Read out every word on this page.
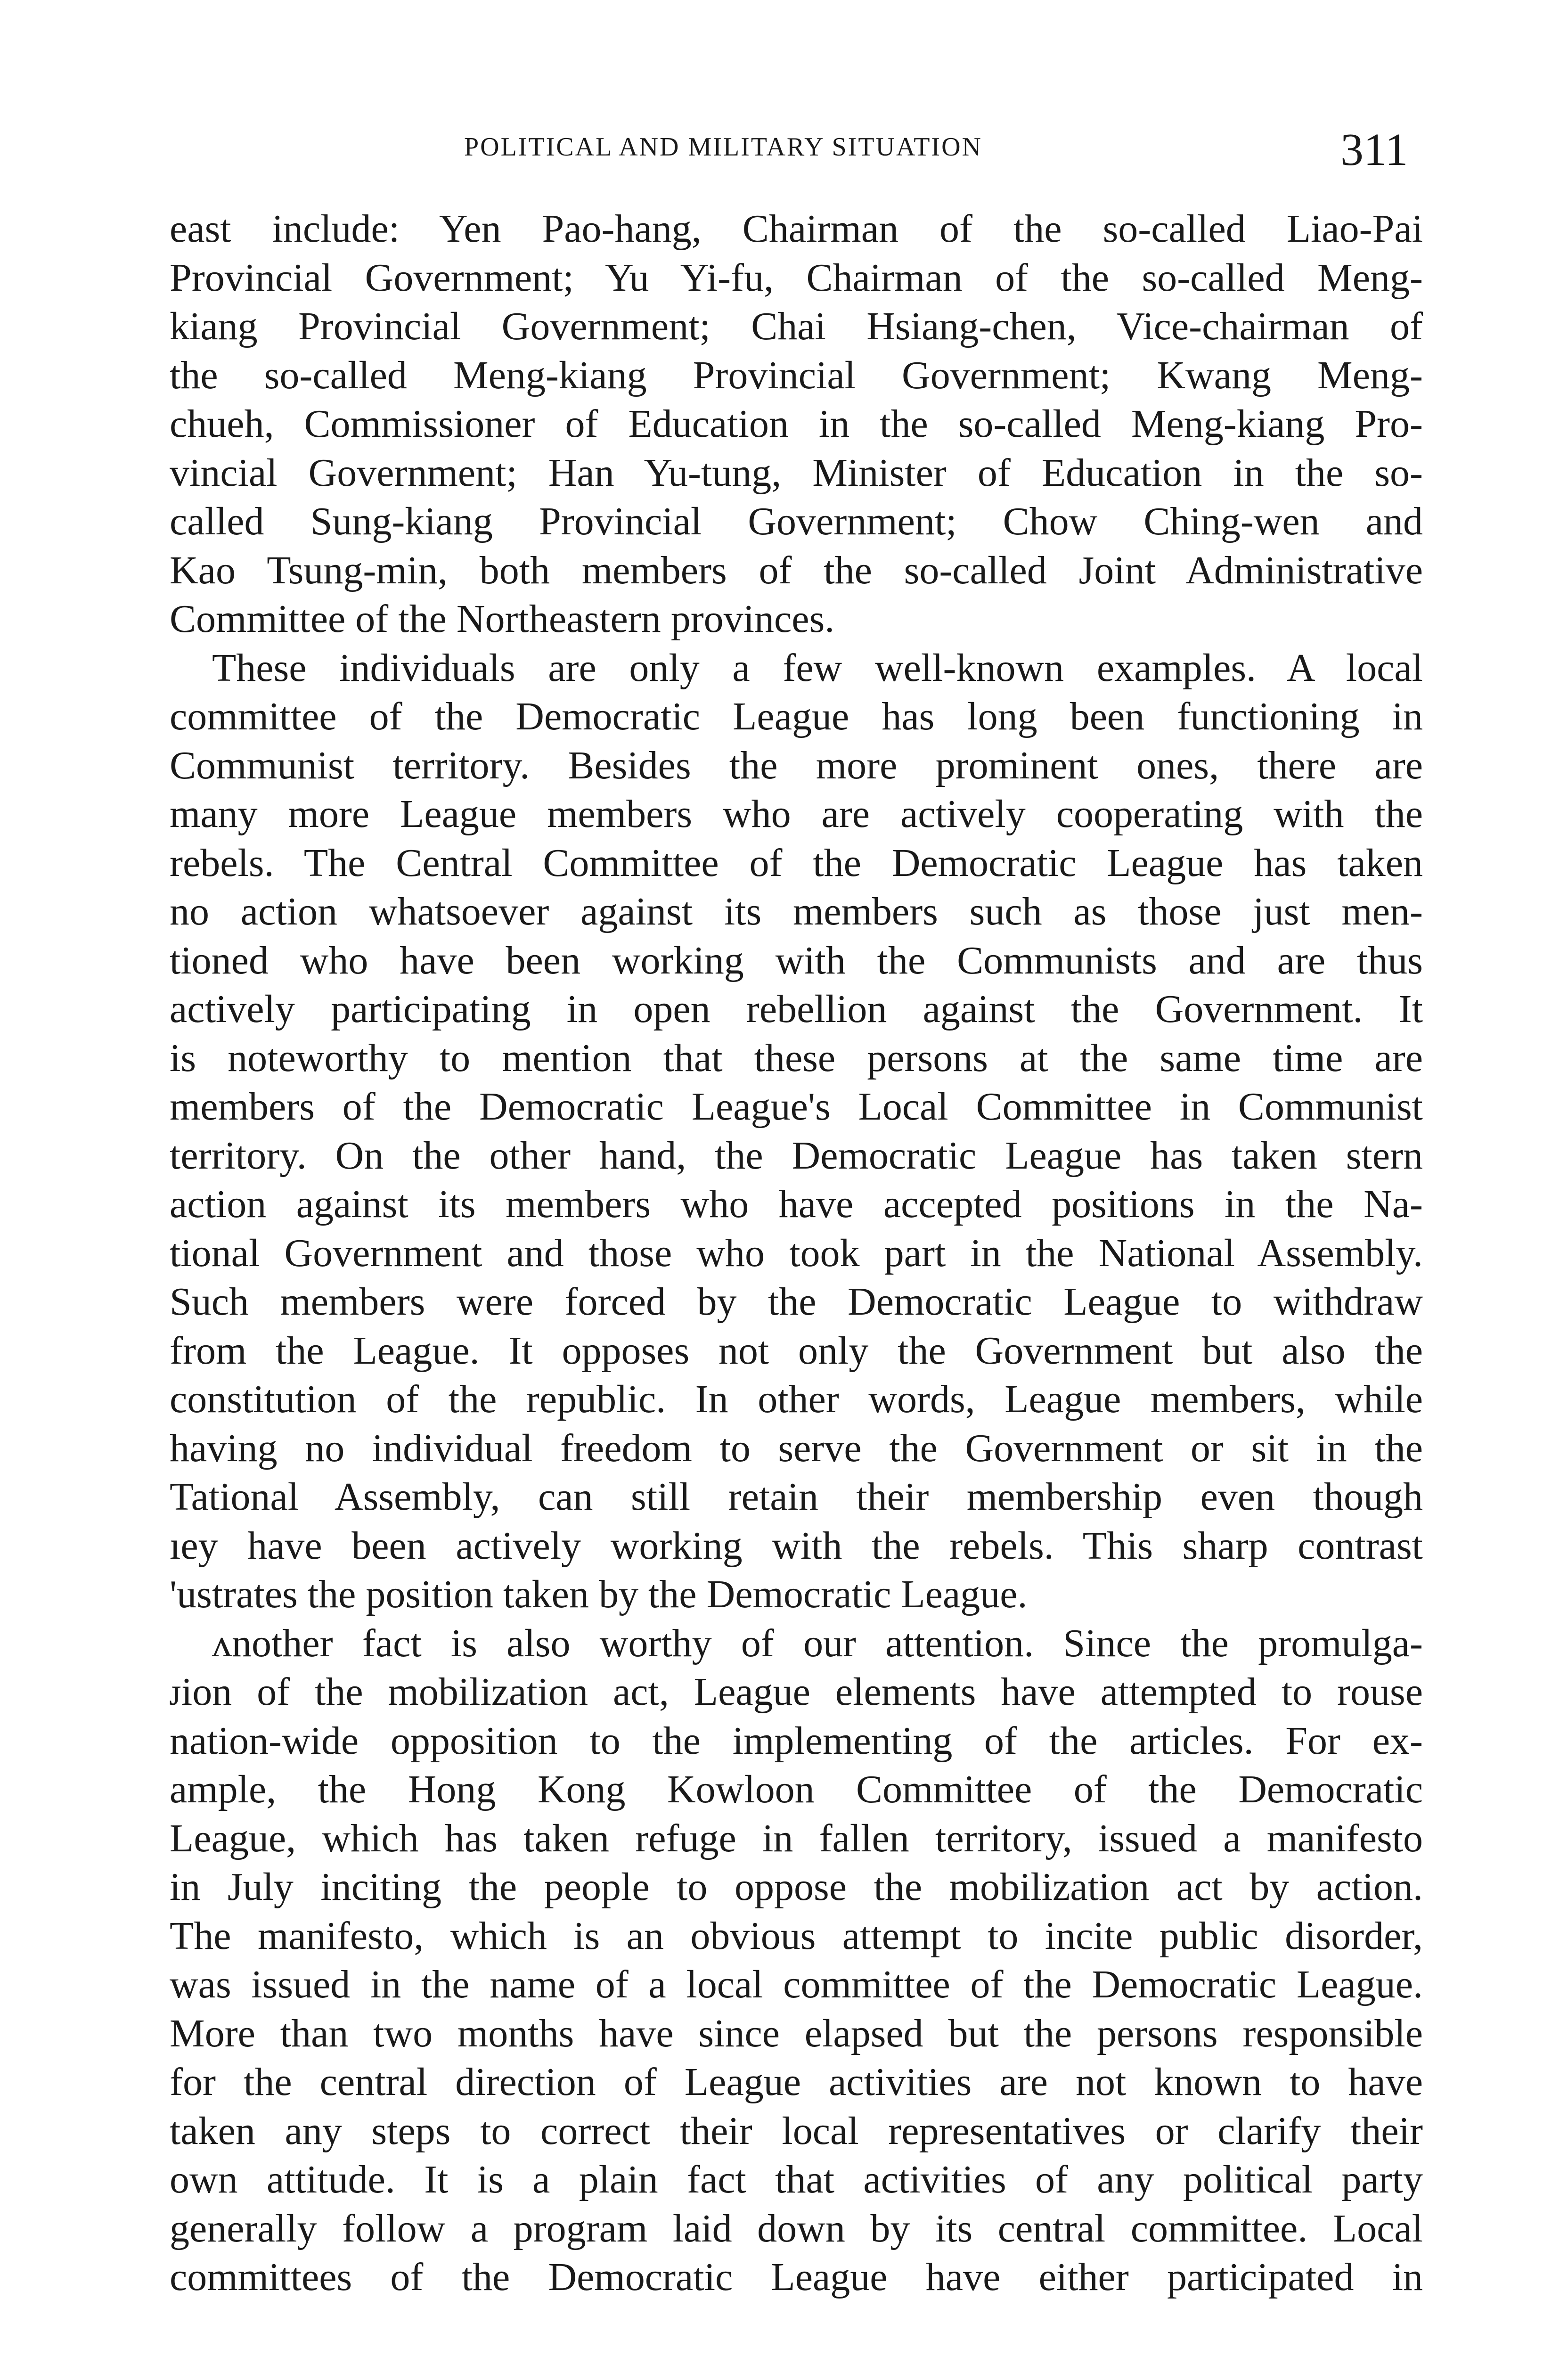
POLITICAL AND MILITARY SITUATION	311
east include: Yen Pao-hang, Chairman of the so-called Liao-Pai
Provincial Government; Yu Yi-fu, Chairman of the so-called Meng-
kiang Provincial Government; Chai Hsiang-chen, Vice-chairman of
the so-called Meng-kiang Provincial Government; Kwang Meng-
chueh, Commissioner of Education in the so-called Meng-kiang Pro-
vincial Government; Han Yu-tung, Minister of Education in the so-
called Sung-kiang Provincial Government; Chow Ching-wen and
Kao Tsung-min, both members of the so-called Joint Administrative
Committee of the Northeastern provinces.
These individuals are only a few well-known examples. A local
committee of the Democratic League has long been functioning in
Communist territory. Besides the more prominent ones, there are
many more League members who are actively cooperating with the
rebels. The Central Committee of the Democratic League has taken
no action whatsoever against its members such as those just men-
tioned who have been working with the Communists and are thus
actively participating in open rebellion against the Government. It
is noteworthy to mention that these persons at the same time are
members of the Democratic League's Local Committee in Communist
territory. On the other hand, the Democratic League has taken stern
action against its members who have accepted positions in the Na-
tional Government and those who took part in the National Assembly.
Such members were forced by the Democratic League to withdraw
from the League. It opposes not only the Government but also the
constitution of the republic. In other words, League members, while
having no individual freedom to serve the Government or sit in the
Tational Assembly, can still retain their membership even though
ıey have been actively working with the rebels. This sharp contrast
'ustrates the position taken by the Democratic League.
ᴧnother fact is also worthy of our attention. Since the promulga-
ᴊion of the mobilization act, League elements have attempted to rouse
nation-wide opposition to the implementing of the articles. For ex-
ample, the Hong Kong Kowloon Committee of the Democratic
League, which has taken refuge in fallen territory, issued a manifesto
in July inciting the people to oppose the mobilization act by action.
The manifesto, which is an obvious attempt to incite public disorder,
was issued in the name of a local committee of the Democratic League.
More than two months have since elapsed but the persons responsible
for the central direction of League activities are not known to have
taken any steps to correct their local representatives or clarify their
own attitude. It is a plain fact that activities of any political party
generally follow a program laid down by its central committee. Local
committees of the Democratic League have either participated in
